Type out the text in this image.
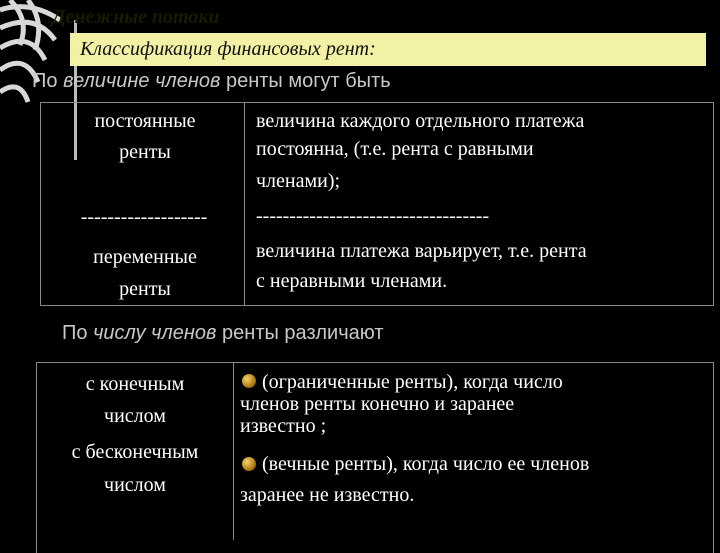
Денежные потоки
Классификация финансовых рент:
По величине членов ренты могут быть
постоянные
ренты
-------------------
переменные
ренты
величина каждого отдельного платежа
постоянна, (т.е. рента с равными
членами);
-----------------------------------
величина платежа варьирует, т.е. рента
с неравными членами.
По числу членов ренты различают
с конечным
числом
с бесконечным
числом
(ограниченные ренты), когда число
членов ренты конечно и заранее
известно ;
(вечные ренты), когда число ее членов
заранее не известно.
